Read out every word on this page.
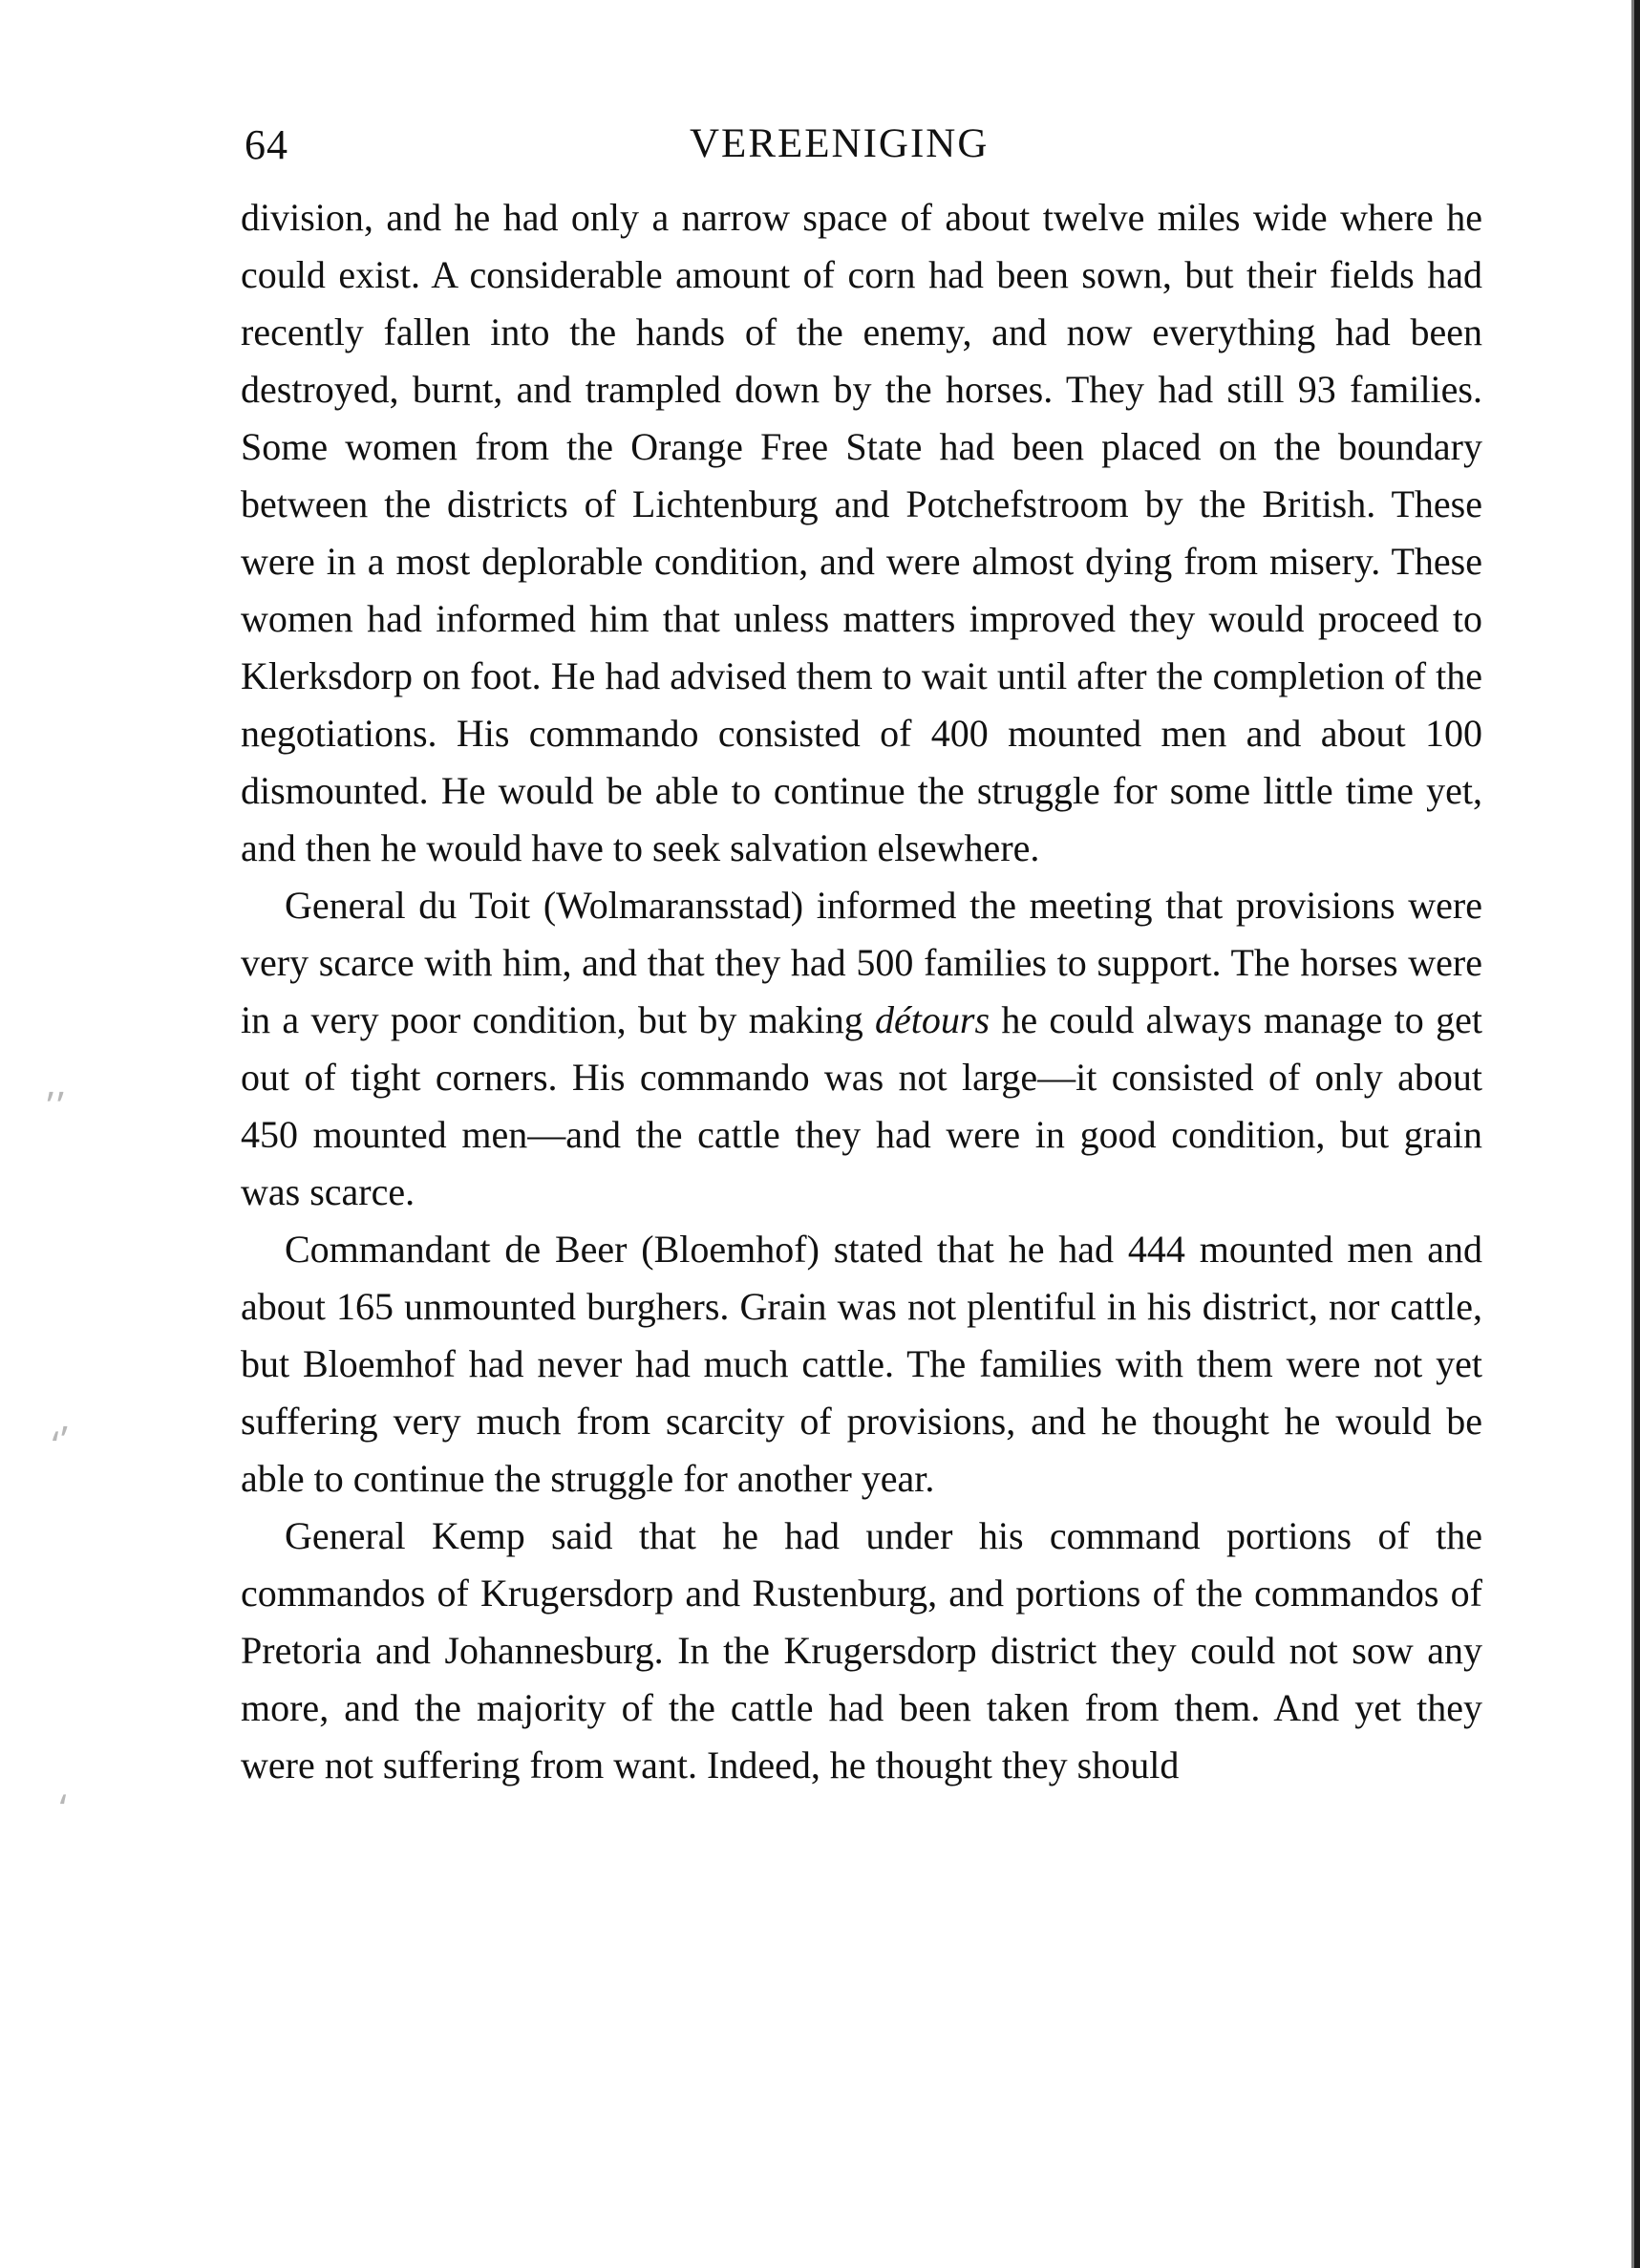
⸴⸴
⸲⸴
⸲
64	VEREENIGING

division, and he had only a narrow space of about twelve miles wide where he could exist. A considerable amount of corn had been sown, but their fields had recently fallen into the hands of the enemy, and now everything had been destroyed, burnt, and trampled down by the horses. They had still 93 families. Some women from the Orange Free State had been placed on the boundary between the districts of Lichtenburg and Potchefstroom by the British. These were in a most deplorable condition, and were almost dying from misery. These women had informed him that unless matters improved they would proceed to Klerksdorp on foot. He had advised them to wait until after the completion of the negotiations. His commando consisted of 400 mounted men and about 100 dismounted. He would be able to continue the struggle for some little time yet, and then he would have to seek salvation elsewhere.

General du Toit (Wolmaransstad) informed the meeting that provisions were very scarce with him, and that they had 500 families to support. The horses were in a very poor condition, but by making détours he could always manage to get out of tight corners. His commando was not large—it consisted of only about 450 mounted men—and the cattle they had were in good condition, but grain was scarce.

Commandant de Beer (Bloemhof) stated that he had 444 mounted men and about 165 unmounted burghers. Grain was not plentiful in his district, nor cattle, but Bloemhof had never had much cattle. The families with them were not yet suffering very much from scarcity of provisions, and he thought he would be able to continue the struggle for another year.

General Kemp said that he had under his command portions of the commandos of Krugersdorp and Rustenburg, and portions of the commandos of Pretoria and Johannesburg. In the Krugersdorp district they could not sow any more, and the majority of the cattle had been taken from them. And yet they were not suffering from want. Indeed, he thought they should
